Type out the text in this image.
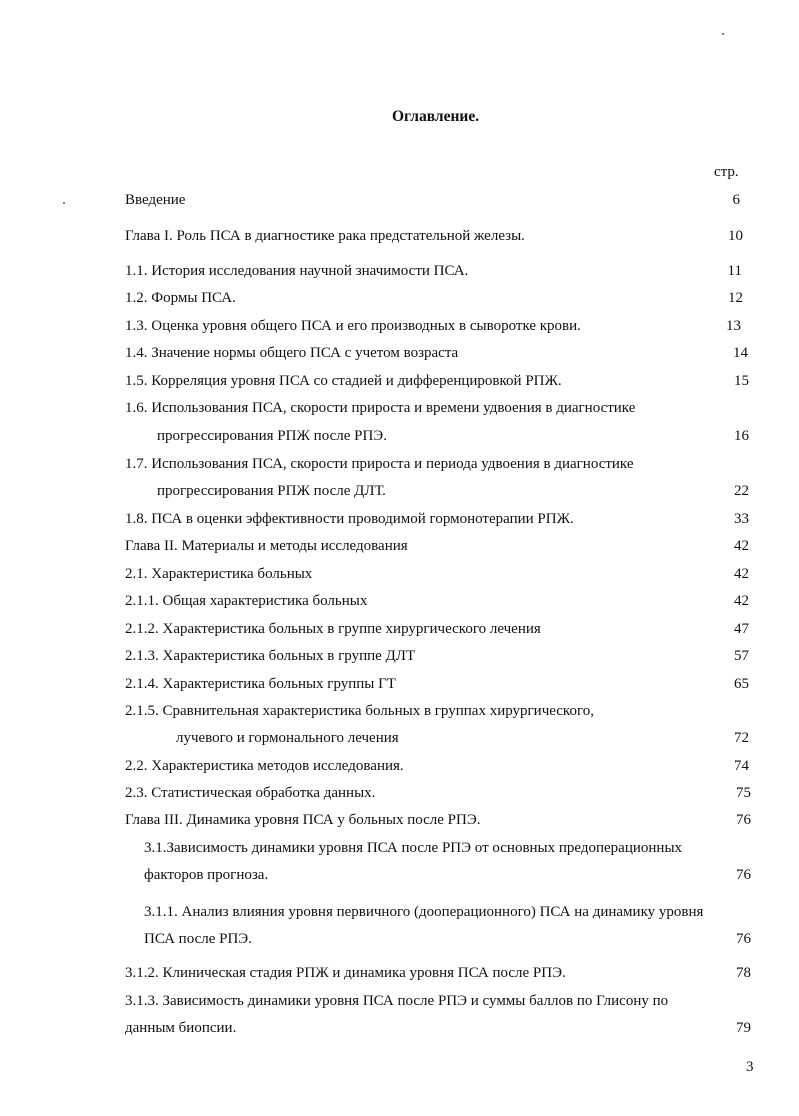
Оглавление.
стр.
Введение	6
Глава I. Роль ПСА в диагностике рака предстательной железы.	10
1.1. История исследования научной значимости ПСА.	11
1.2. Формы ПСА.	12
1.3. Оценка уровня общего ПСА и его производных в сыворотке крови.	13
1.4. Значение нормы общего ПСА с учетом возраста	14
1.5. Корреляция уровня ПСА со стадией и дифференцировкой РПЖ.	15
1.6. Использования ПСА, скорости прироста и времени удвоения в диагностике
прогрессирования РПЖ после РПЭ.	16
1.7. Использования ПСА, скорости прироста и периода удвоения в диагностике
прогрессирования РПЖ после ДЛТ.	22
1.8. ПСА в оценки эффективности проводимой гормонотерапии РПЖ.	33
Глава II. Материалы и методы исследования	42
2.1. Характеристика больных	42
2.1.1. Общая характеристика больных	42
2.1.2. Характеристика больных в группе хирургического лечения	47
2.1.3. Характеристика больных в группе ДЛТ	57
2.1.4. Характеристика больных группы ГТ	65
2.1.5. Сравнительная характеристика больных в группах хирургического,
лучевого и гормонального лечения	72
2.2. Характеристика методов исследования.	74
2.3. Статистическая обработка данных.	75
Глава III. Динамика уровня ПСА у больных после РПЭ.	76
3.1.Зависимость динамики уровня ПСА после РПЭ от основных предоперационных
факторов прогноза.	76
3.1.1. Анализ влияния уровня первичного (дооперационного) ПСА на динамику уровня
ПСА после РПЭ.	76
3.1.2. Клиническая стадия РПЖ и динамика уровня ПСА после РПЭ.	78
3.1.3. Зависимость динамики уровня ПСА после РПЭ и суммы баллов по Глисону по
данным биопсии.	79
3
